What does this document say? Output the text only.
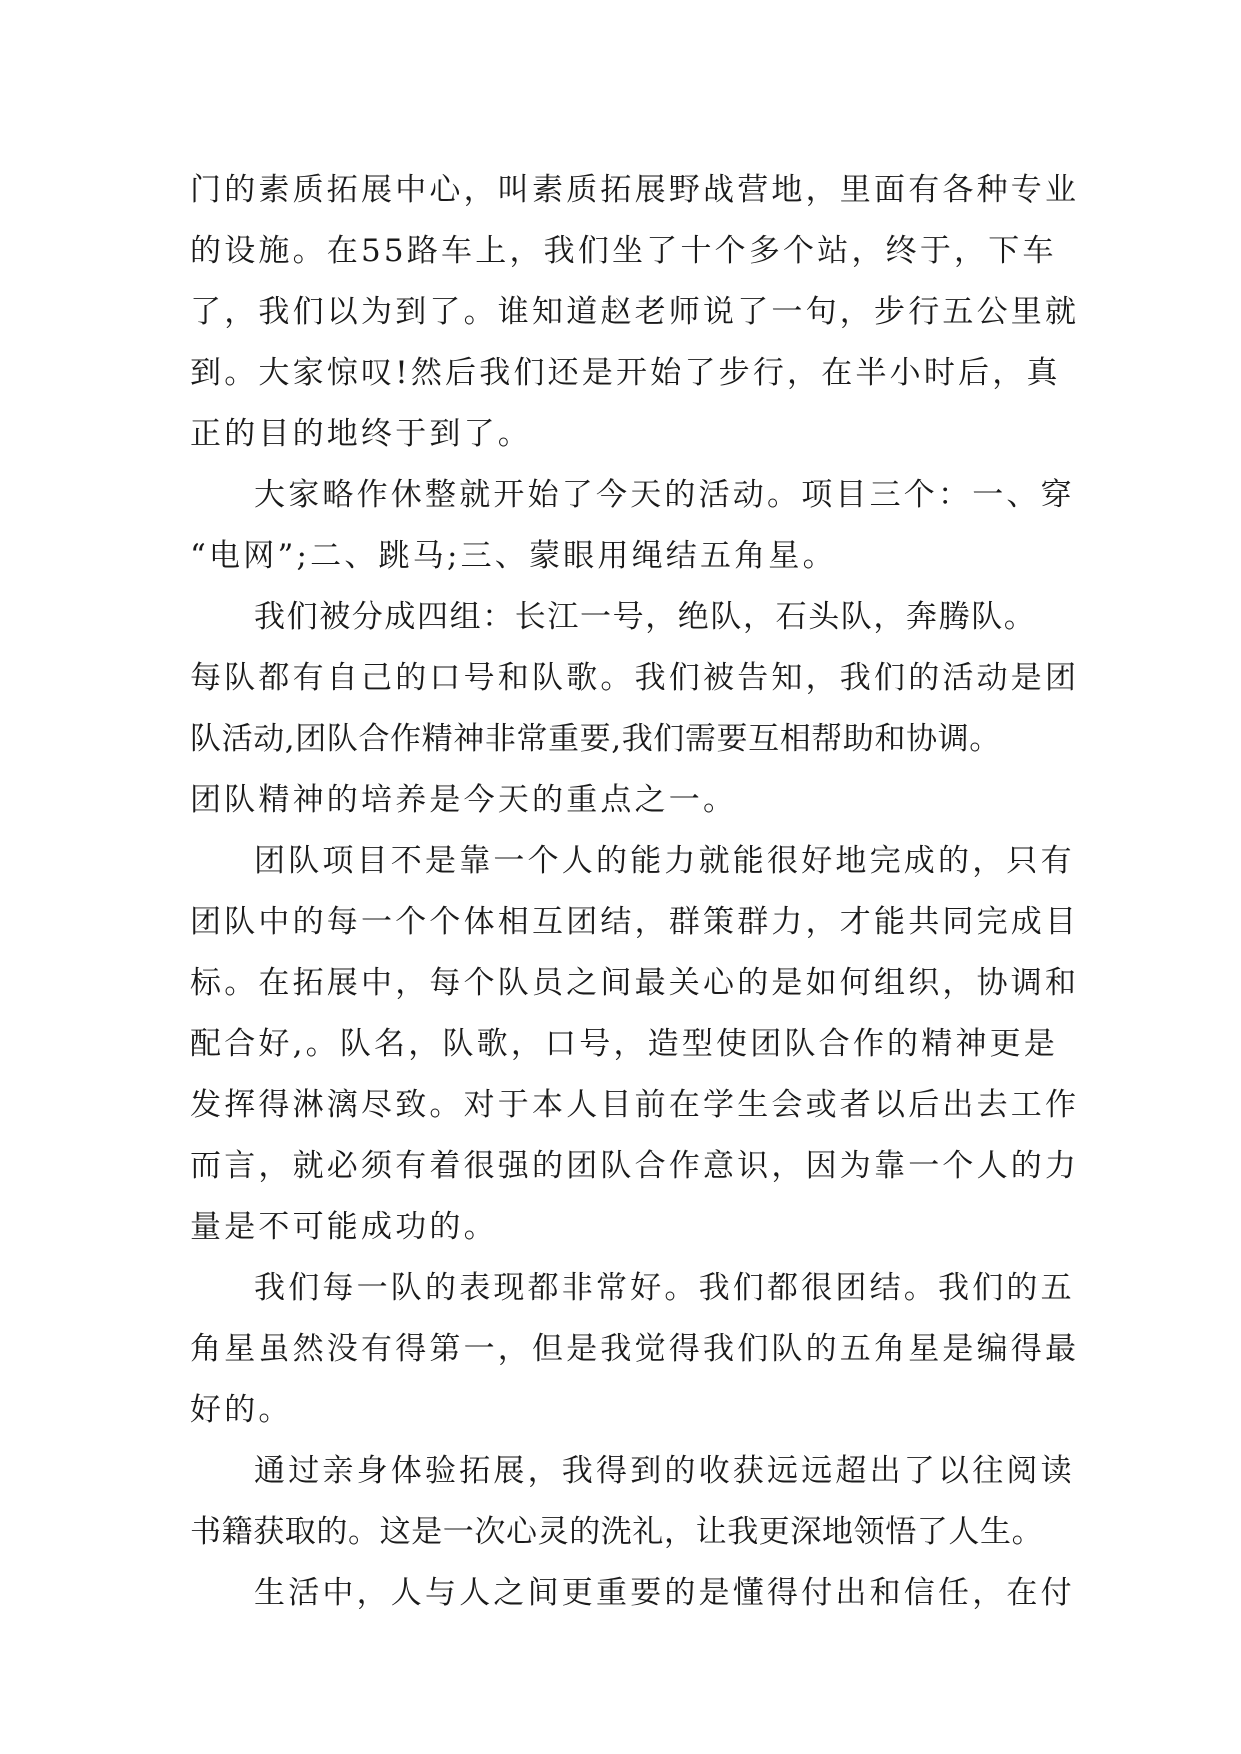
门的素质拓展中心，叫素质拓展野战营地，里面有各种专业
的设施。在55路车上，我们坐了十个多个站，终于，下车
了，我们以为到了。谁知道赵老师说了一句，步行五公里就
到。大家惊叹!然后我们还是开始了步行，在半小时后，真
正的目的地终于到了。
大家略作休整就开始了今天的活动。项目三个：一、穿
“电网”;二、跳马;三、蒙眼用绳结五角星。
我们被分成四组：长江一号，绝队，石头队，奔腾队。
每队都有自己的口号和队歌。我们被告知，我们的活动是团
队活动,团队合作精神非常重要,我们需要互相帮助和协调。
团队精神的培养是今天的重点之一。
团队项目不是靠一个人的能力就能很好地完成的，只有
团队中的每一个个体相互团结，群策群力，才能共同完成目
标。在拓展中，每个队员之间最关心的是如何组织，协调和
配合好,。队名，队歌，口号，造型使团队合作的精神更是
发挥得淋漓尽致。对于本人目前在学生会或者以后出去工作
而言，就必须有着很强的团队合作意识，因为靠一个人的力
量是不可能成功的。
我们每一队的表现都非常好。我们都很团结。我们的五
角星虽然没有得第一，但是我觉得我们队的五角星是编得最
好的。
通过亲身体验拓展，我得到的收获远远超出了以往阅读
书籍获取的。这是一次心灵的洗礼，让我更深地领悟了人生。
生活中，人与人之间更重要的是懂得付出和信任，在付
